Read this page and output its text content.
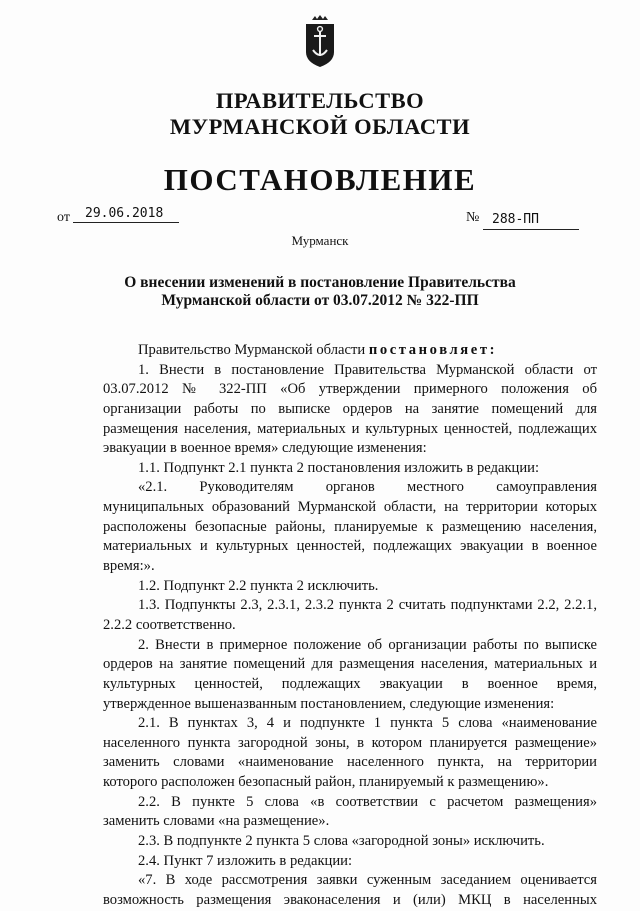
ПРАВИТЕЛЬСТВО
МУРМАНСКОЙ ОБЛАСТИ
ПОСТАНОВЛЕНИЕ
от 29.06.2018	№ 288-ПП
Мурманск
О внесении изменений в постановление Правительства
Мурманской области от 03.07.2012 № 322-ПП
Правительство Мурманской области постановляет:
1. Внести в постановление Правительства Мурманской области от
03.07.2012 № 322-ПП «Об утверждении примерного положения об
организации работы по выписке ордеров на занятие помещений для
размещения населения, материальных и культурных ценностей, подлежащих
эвакуации в военное время» следующие изменения:
1.1. Подпункт 2.1 пункта 2 постановления изложить в редакции:
«2.1. Руководителям органов местного самоуправления
муниципальных образований Мурманской области, на территории которых
расположены безопасные районы, планируемые к размещению населения,
материальных и культурных ценностей, подлежащих эвакуации в военное
время:».
1.2. Подпункт 2.2 пункта 2 исключить.
1.3. Подпункты 2.3, 2.3.1, 2.3.2 пункта 2 считать подпунктами 2.2, 2.2.1,
2.2.2 соответственно.
2. Внести в примерное положение об организации работы по выписке
ордеров на занятие помещений для размещения населения, материальных и
культурных ценностей, подлежащих эвакуации в военное время,
утвержденное вышеназванным постановлением, следующие изменения:
2.1. В пунктах 3, 4 и подпункте 1 пункта 5 слова «наименование
населенного пункта загородной зоны, в котором планируется размещение»
заменить словами «наименование населенного пункта, на территории
которого расположен безопасный район, планируемый к размещению».
2.2. В пункте 5 слова «в соответствии с расчетом размещения»
заменить словами «на размещение».
2.3. В подпункте 2 пункта 5 слова «загородной зоны» исключить.
2.4. Пункт 7 изложить в редакции:
«7. В ходе рассмотрения заявки суженным заседанием оценивается
возможность размещения эваконаселения и (или) МКЦ в населенных
